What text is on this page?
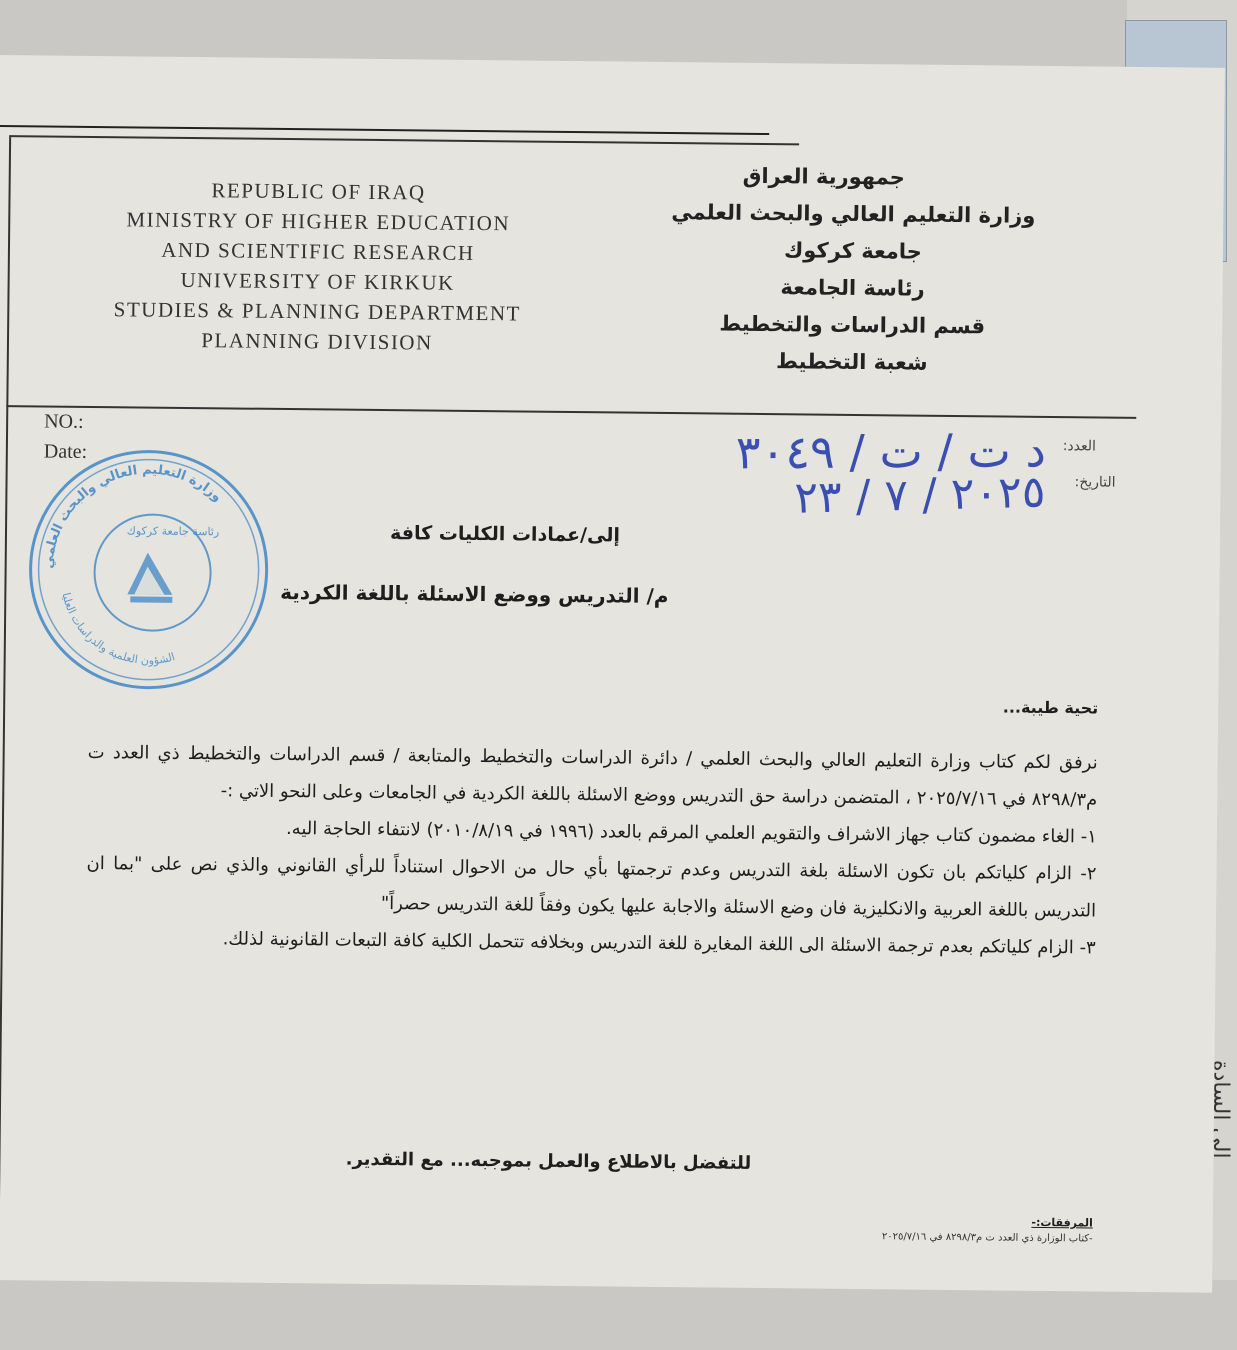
الى السادة
REPUBLIC OF IRAQ
MINISTRY OF HIGHER EDUCATION
AND SCIENTIFIC RESEARCH
UNIVERSITY OF KIRKUK
STUDIES & PLANNING DEPARTMENT
PLANNING DIVISION
جمهورية العراق
وزارة التعليم العالي والبحث العلمي
جامعة كركوك
رئاسة الجامعة
قسم الدراسات والتخطيط
شعبة التخطيط
NO.:
Date:	العدد:
التاريخ:
د ت / ت / ٣٠٤٩
٢٠٢٥ / ٧ / ٢٣
وزارة التعليم العالي والبحث العلمي
الشؤون العلمية والدراسات العليا
رئاسة جامعة كركوك	إلى/عمادات الكليات كافة
م/ التدريس ووضع الاسئلة باللغة الكردية
تحية طيبة...

نرفق لكم كتاب وزارة التعليم العالي والبحث العلمي / دائرة الدراسات والتخطيط والمتابعة / قسم الدراسات والتخطيط ذي العدد ت م٨٢٩٨/٣ في ٢٠٢٥/٧/١٦ ، المتضمن دراسة حق التدريس ووضع الاسئلة باللغة الكردية في الجامعات وعلى النحو الاتي :-

١- الغاء مضمون كتاب جهاز الاشراف والتقويم العلمي المرقم بالعدد (١٩٩٦ في ٢٠١٠/٨/١٩) لانتفاء الحاجة اليه.

٢- الزام كلياتكم بان تكون الاسئلة بلغة التدريس وعدم ترجمتها بأي حال من الاحوال استناداً للرأي القانوني والذي نص على "بما ان التدريس باللغة العربية والانكليزية فان وضع الاسئلة والاجابة عليها يكون وفقاً للغة التدريس حصراً"

٣- الزام كلياتكم بعدم ترجمة الاسئلة الى اللغة المغايرة للغة التدريس وبخلافه تتحمل الكلية كافة التبعات القانونية لذلك.

للتفضل بالاطلاع والعمل بموجبه... مع التقدير.
المرفقات:-
-كتاب الوزارة ذي العدد ت م٨٢٩٨/٣ في ٢٠٢٥/٧/١٦
